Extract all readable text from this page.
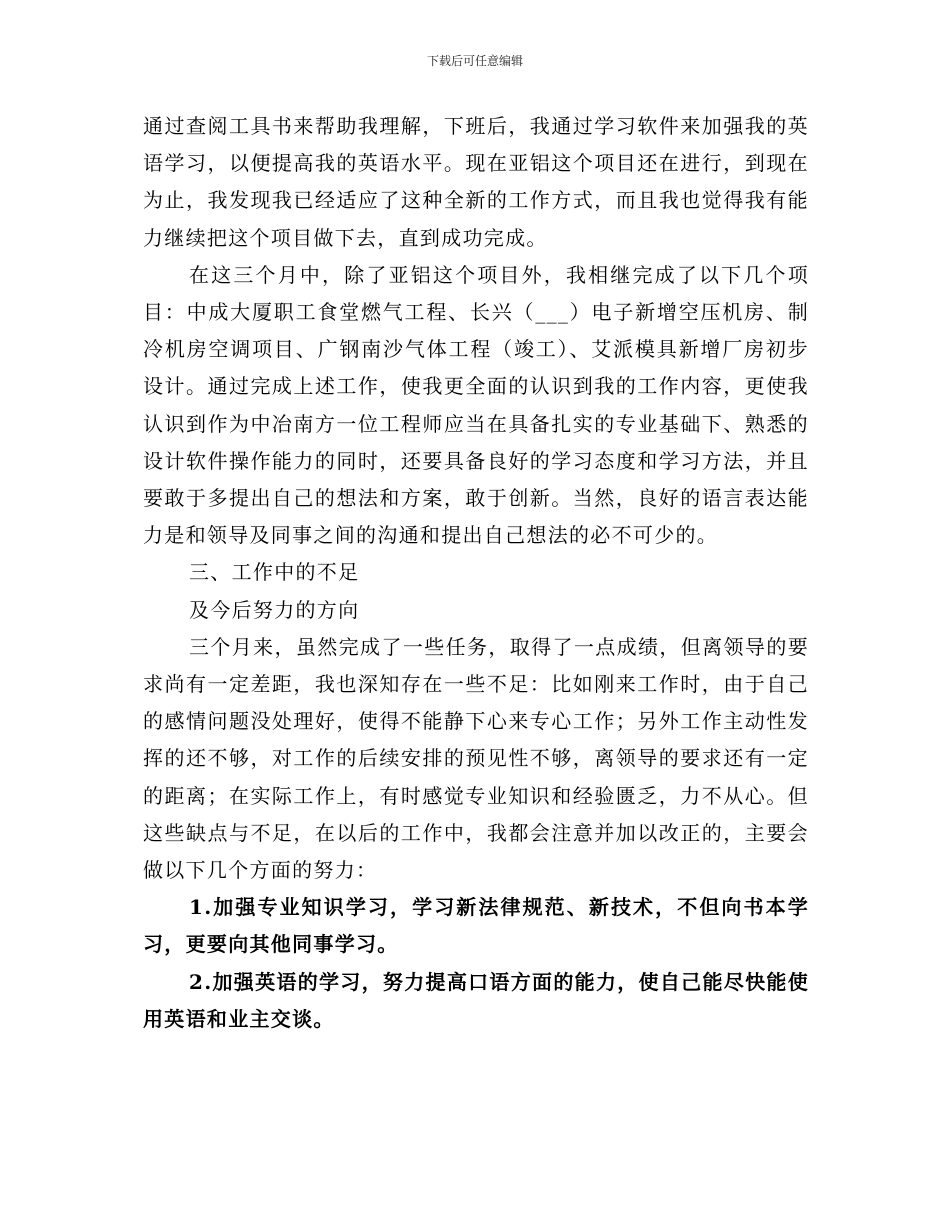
下载后可任意编辑

通过查阅工具书来帮助我理解，下班后，我通过学习软件来加强我的英语学习，以便提高我的英语水平。现在亚铝这个项目还在进行，到现在为止，我发现我已经适应了这种全新的工作方式，而且我也觉得我有能力继续把这个项目做下去，直到成功完成。

在这三个月中，除了亚铝这个项目外，我相继完成了以下几个项目：中成大厦职工食堂燃气工程、长兴（___）电子新增空压机房、制冷机房空调项目、广钢南沙气体工程（竣工）、艾派模具新增厂房初步设计。通过完成上述工作，使我更全面的认识到我的工作内容，更使我认识到作为中冶南方一位工程师应当在具备扎实的专业基础下、熟悉的设计软件操作能力的同时，还要具备良好的学习态度和学习方法，并且要敢于多提出自己的想法和方案，敢于创新。当然，良好的语言表达能力是和领导及同事之间的沟通和提出自己想法的必不可少的。

三、工作中的不足

及今后努力的方向

三个月来，虽然完成了一些任务，取得了一点成绩，但离领导的要求尚有一定差距，我也深知存在一些不足：比如刚来工作时，由于自己的感情问题没处理好，使得不能静下心来专心工作；另外工作主动性发挥的还不够，对工作的后续安排的预见性不够，离领导的要求还有一定的距离；在实际工作上，有时感觉专业知识和经验匮乏，力不从心。但这些缺点与不足，在以后的工作中，我都会注意并加以改正的，主要会做以下几个方面的努力：

1.加强专业知识学习，学习新法律规范、新技术，不但向书本学习，更要向其他同事学习。

2.加强英语的学习，努力提高口语方面的能力，使自己能尽快能使用英语和业主交谈。
